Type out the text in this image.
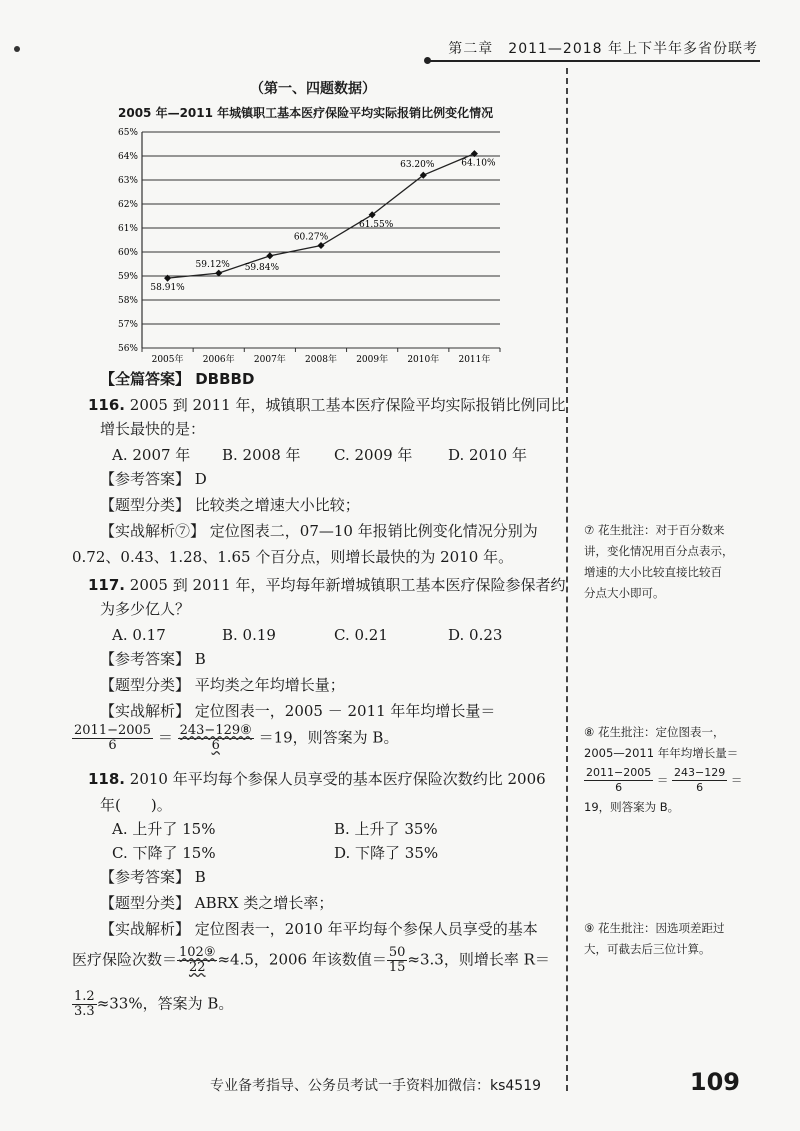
第二章　2011—2018 年上下半年多省份联考
（第一、四题数据）
2005 年—2011 年城镇职工基本医疗保险平均实际报销比例变化情况
65%
64%
63%
62%
61%
60%
59%
58%
57%
56%
2005年 2006年 2007年 2008年 2009年 2010年 2011年
58.91%
59.12% 59.84%
60.27%
61.55%
63.20%	64.10%
【全篇答案】 DBBBD
116. 2005 到 2011 年，城镇职工基本医疗保险平均实际报销比例同比
增长最快的是：
A. 2007 年 B. 2008 年 C. 2009 年 D. 2010 年
【参考答案】 D
【题型分类】 比较类之增速大小比较；
【实战解析⑦】 定位图表二，07—10 年报销比例变化情况分别为
0.72、0.43、1.28、1.65 个百分点，则增长最快的为 2010 年。
117. 2005 到 2011 年，平均每年新增城镇职工基本医疗保险参保者约
为多少亿人？
A. 0.17	B. 0.19	C. 0.21	D. 0.23
【参考答案】 B
【题型分类】 平均类之年均增长量；
【实战解析】 定位图表一，2005 － 2011 年年均增长量＝
$\frac{2011-2005}{6} = \frac{\text{243−129⑧}}{6} =19$，则答案为 B。
118. 2010 年平均每个参保人员享受的基本医疗保险次数约比 2006
年(　　)。
A. 上升了 15%	B. 上升了 35%
C. 下降了 15%	D. 下降了 35%
【参考答案】 B
【题型分类】 ABRX 类之增长率；
【实战解析】 定位图表一，2010 年平均每个参保人员享受的基本
医疗保险次数＝ $\frac{\text{102⑨}}{22} \approx 4.5$，2006 年该数值＝ $\frac{50}{15} \approx 3.3$，则增长率 R＝
$\frac{1.2}{3.3} \approx 33\%$，答案为 B。
⑦ 花生批注：对于百分数来
讲，变化情况用百分点表示，
增速的大小比较直接比较百
分点大小即可。
⑧ 花生批注：定位图表一，
2005—2011 年年均增长量＝
$\frac{2011-2005}{6} = \frac{243-129}{6}$ ＝
19，则答案为 B。
⑨ 花生批注：因选项差距过
大，可截去后三位计算。
专业备考指导、公务员考试一手资料加微信：ks4519	109
